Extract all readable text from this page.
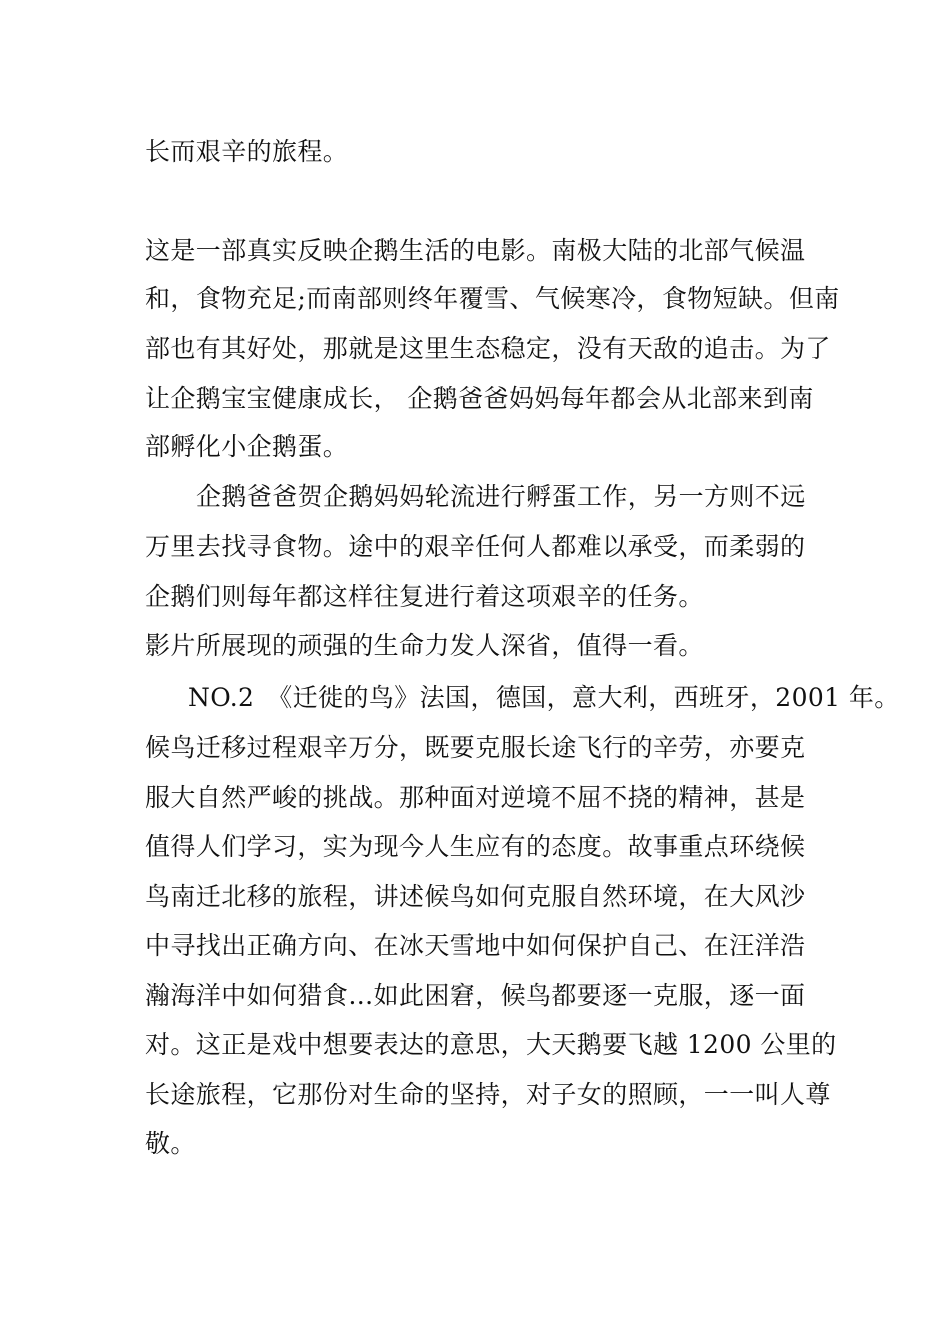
长而艰辛的旅程。
这是一部真实反映企鹅生活的电影。南极大陆的北部气候温
和，食物充足;而南部则终年覆雪、气候寒冷，食物短缺。但南
部也有其好处，那就是这里生态稳定，没有天敌的追击。为了
让企鹅宝宝健康成长， 企鹅爸爸妈妈每年都会从北部来到南
部孵化小企鹅蛋。
企鹅爸爸贺企鹅妈妈轮流进行孵蛋工作，另一方则不远
万里去找寻食物。途中的艰辛任何人都难以承受，而柔弱的
企鹅们则每年都这样往复进行着这项艰辛的任务。
影片所展现的顽强的生命力发人深省，值得一看。
NO.2　《迁徙的鸟》法国，德国，意大利，西班牙，2001 年。
候鸟迁移过程艰辛万分，既要克服长途飞行的辛劳，亦要克
服大自然严峻的挑战。那种面对逆境不屈不挠的精神，甚是
值得人们学习，实为现今人生应有的态度。故事重点环绕候
鸟南迁北移的旅程，讲述候鸟如何克服自然环境，在大风沙
中寻找出正确方向、在冰天雪地中如何保护自己、在汪洋浩
瀚海洋中如何猎食…如此困窘，候鸟都要逐一克服，逐一面
对。这正是戏中想要表达的意思，大天鹅要飞越 1200 公里的
长途旅程，它那份对生命的坚持，对子女的照顾，一一叫人尊
敬。
